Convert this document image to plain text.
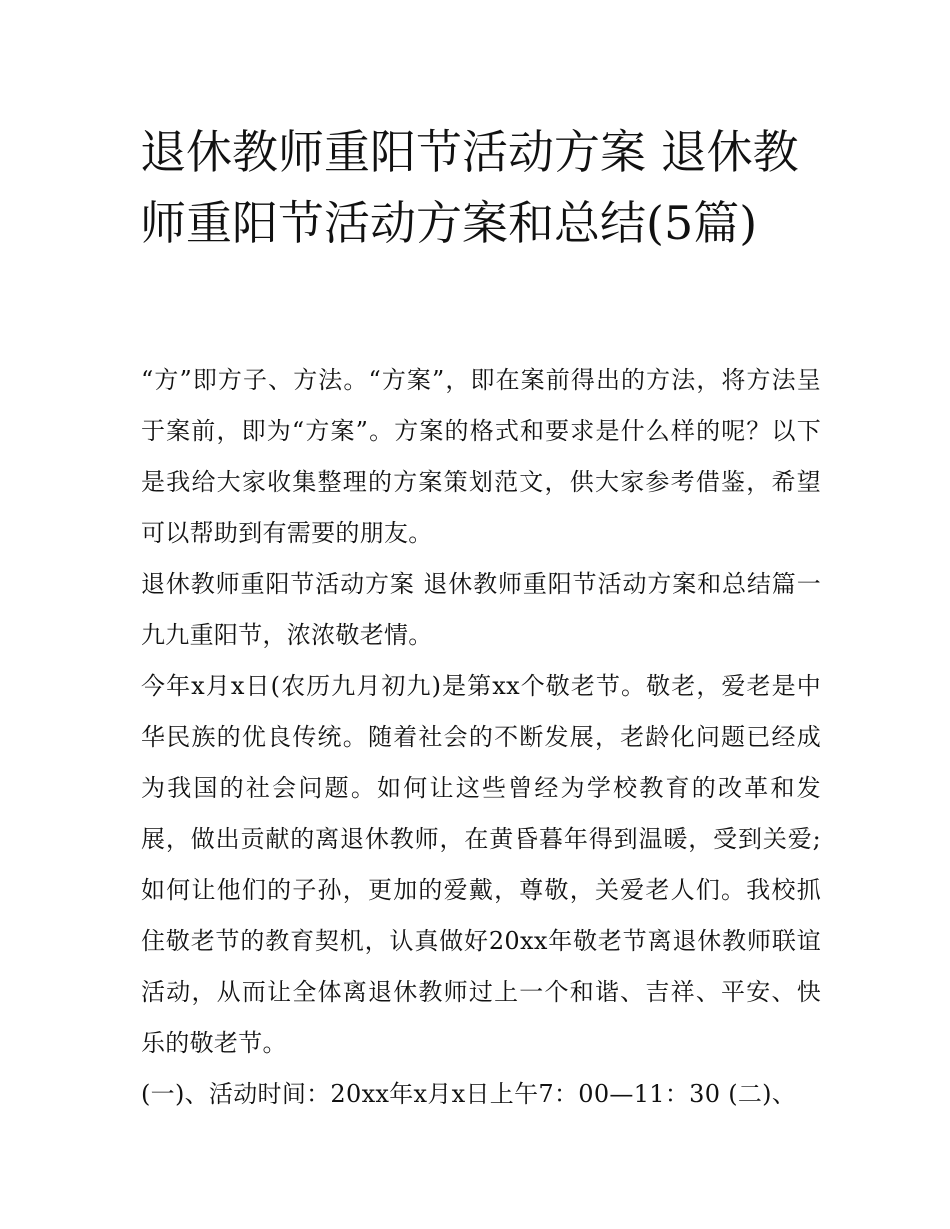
退休教师重阳节活动方案 退休教师重阳节活动方案和总结(5篇)

“方”即方子、方法。“方案”，即在案前得出的方法，将方法呈于案前，即为“方案”。方案的格式和要求是什么样的呢？以下是我给大家收集整理的方案策划范文，供大家参考借鉴，希望可以帮助到有需要的朋友。

退休教师重阳节活动方案 退休教师重阳节活动方案和总结篇一 九九重阳节，浓浓敬老情。

今年x月x日(农历九月初九)是第xx个敬老节。敬老，爱老是中华民族的优良传统。随着社会的不断发展，老龄化问题已经成为我国的社会问题。如何让这些曾经为学校教育的改革和发展，做出贡献的离退休教师，在黄昏暮年得到温暖，受到关爱;如何让他们的子孙，更加的爱戴，尊敬，关爱老人们。我校抓住敬老节的教育契机，认真做好20xx年敬老节离退休教师联谊活动，从而让全体离退休教师过上一个和谐、吉祥、平安、快乐的敬老节。

(一)、活动时间：20xx年x月x日上午7：00—11：30 (二)、
